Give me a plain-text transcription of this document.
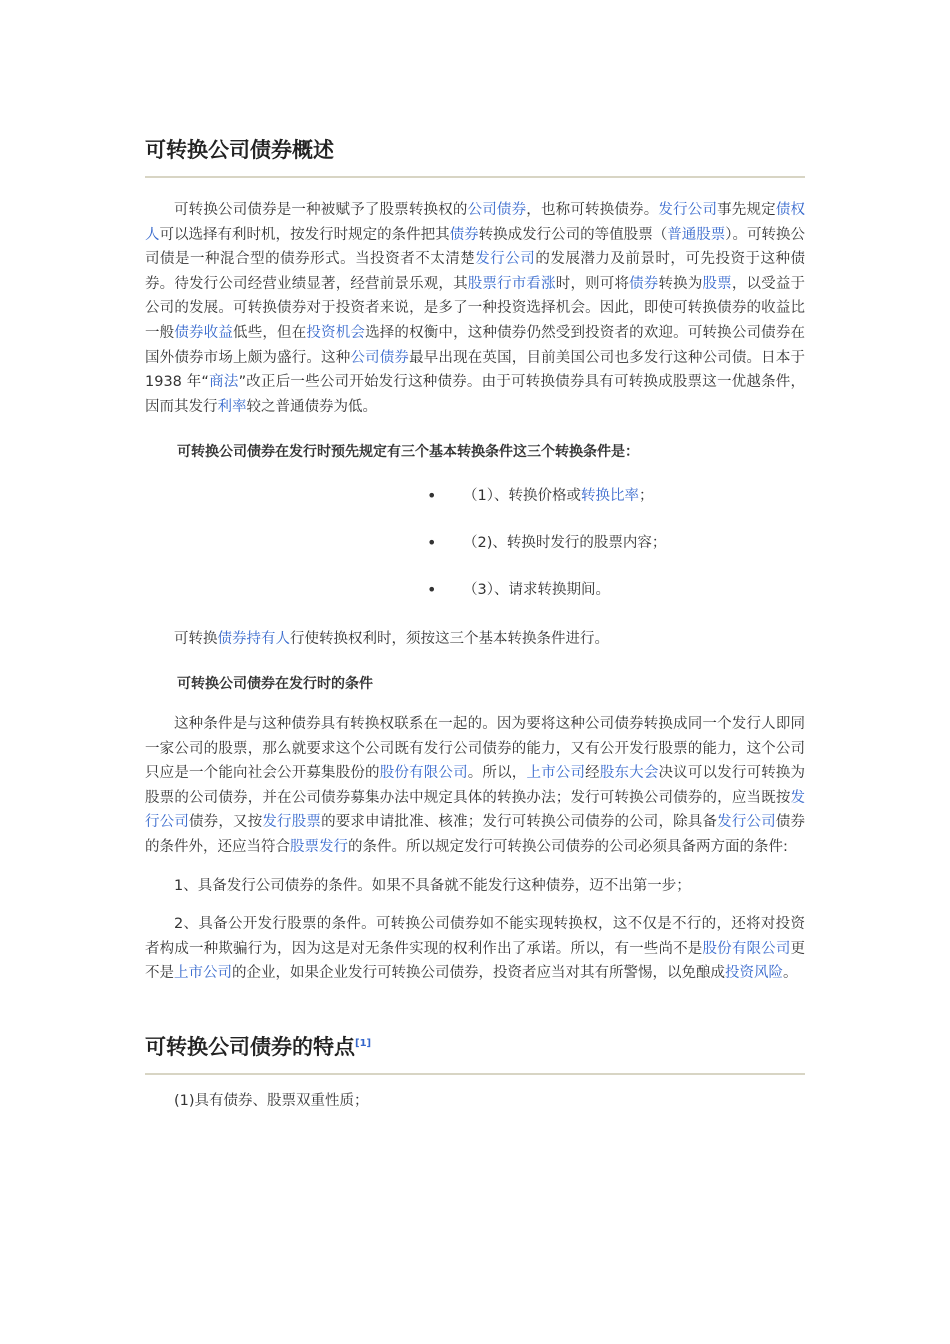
可转换公司债券概述

可转换公司债券是一种被赋予了股票转换权的公司债券，也称可转换债券。发行公司事先规定债权人可以选择有利时机，按发行时规定的条件把其债券转换成发行公司的等值股票（普通股票）。可转换公司债是一种混合型的债券形式。当投资者不太清楚发行公司的发展潜力及前景时，可先投资于这种债券。待发行公司经营业绩显著，经营前景乐观，其股票行市看涨时，则可将债券转换为股票，以受益于公司的发展。可转换债券对于投资者来说，是多了一种投资选择机会。因此，即使可转换债券的收益比一般债券收益低些，但在投资机会选择的权衡中，这种债券仍然受到投资者的欢迎。可转换公司债券在国外债券市场上颇为盛行。这种公司债券最早出现在英国，目前美国公司也多发行这种公司债。日本于 1938 年“商法”改正后一些公司开始发行这种债券。由于可转换债券具有可转换成股票这一优越条件，因而其发行利率较之普通债券为低。

可转换公司债券在发行时预先规定有三个基本转换条件这三个转换条件是：

• （1）、转换价格或转换比率；
• （2)、转换时发行的股票内容；
• （3）、请求转换期间。

可转换债券持有人行使转换权利时，须按这三个基本转换条件进行。

可转换公司债券在发行时的条件

这种条件是与这种债券具有转换权联系在一起的。因为要将这种公司债券转换成同一个发行人即同一家公司的股票，那么就要求这个公司既有发行公司债券的能力，又有公开发行股票的能力，这个公司只应是一个能向社会公开募集股份的股份有限公司。所以，上市公司经股东大会决议可以发行可转换为股票的公司债券，并在公司债券募集办法中规定具体的转换办法；发行可转换公司债券的，应当既按发行公司债券，又按发行股票的要求申请批准、核准；发行可转换公司债券的公司，除具备发行公司债券的条件外，还应当符合股票发行的条件。所以规定发行可转换公司债券的公司必须具备两方面的条件:

1、具备发行公司债券的条件。如果不具备就不能发行这种债券，迈不出第一步；

2、具备公开发行股票的条件。可转换公司债券如不能实现转换权，这不仅是不行的，还将对投资者构成一种欺骗行为，因为这是对无条件实现的权利作出了承诺。所以，有一些尚不是股份有限公司更不是上市公司的企业，如果企业发行可转换公司债券，投资者应当对其有所警惕，以免酿成投资风险。

可转换公司债券的特点[1]

(1)具有债券、股票双重性质；
